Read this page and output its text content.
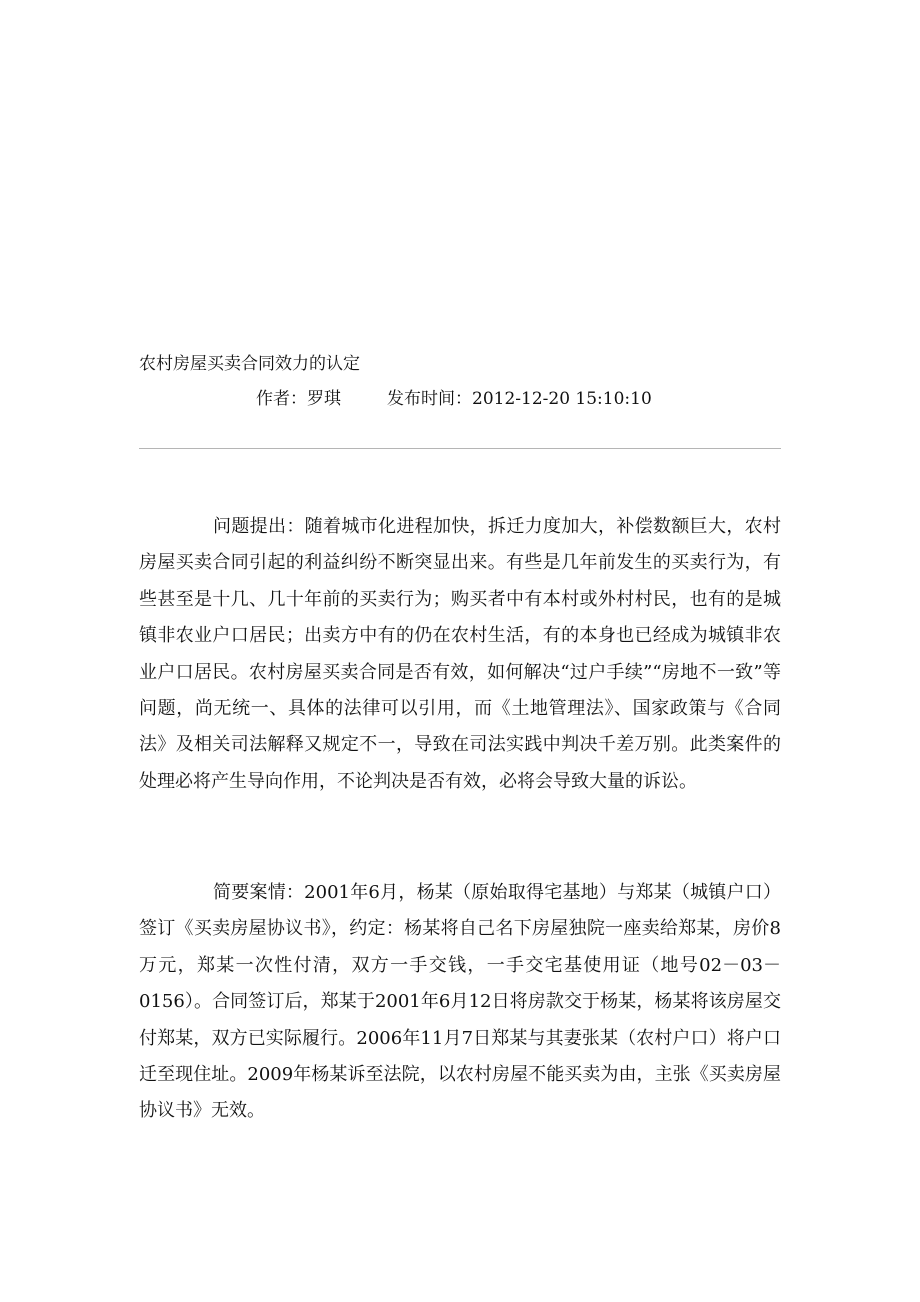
农村房屋买卖合同效力的认定
作者：罗琪	发布时间：2012-12-20 15:10:10

问题提出：随着城市化进程加快，拆迁力度加大，补偿数额巨大，农村房屋买卖合同引起的利益纠纷不断突显出来。有些是几年前发生的买卖行为，有些甚至是十几、几十年前的买卖行为；购买者中有本村或外村村民，也有的是城镇非农业户口居民；出卖方中有的仍在农村生活，有的本身也已经成为城镇非农业户口居民。农村房屋买卖合同是否有效，如何解决“过户手续”“房地不一致”等问题，尚无统一、具体的法律可以引用，而《土地管理法》、国家政策与《合同法》及相关司法解释又规定不一，导致在司法实践中判决千差万别。此类案件的处理必将产生导向作用，不论判决是否有效，必将会导致大量的诉讼。

简要案情：2001年6月，杨某（原始取得宅基地）与郑某（城镇户口）签订《买卖房屋协议书》，约定：杨某将自己名下房屋独院一座卖给郑某，房价8万元，郑某一次性付清，双方一手交钱，一手交宅基使用证（地号02－03－0156）。合同签订后，郑某于2001年6月12日将房款交于杨某，杨某将该房屋交付郑某，双方已实际履行。2006年11月7日郑某与其妻张某（农村户口）将户口迁至现住址。2009年杨某诉至法院，以农村房屋不能买卖为由，主张《买卖房屋协议书》无效。
